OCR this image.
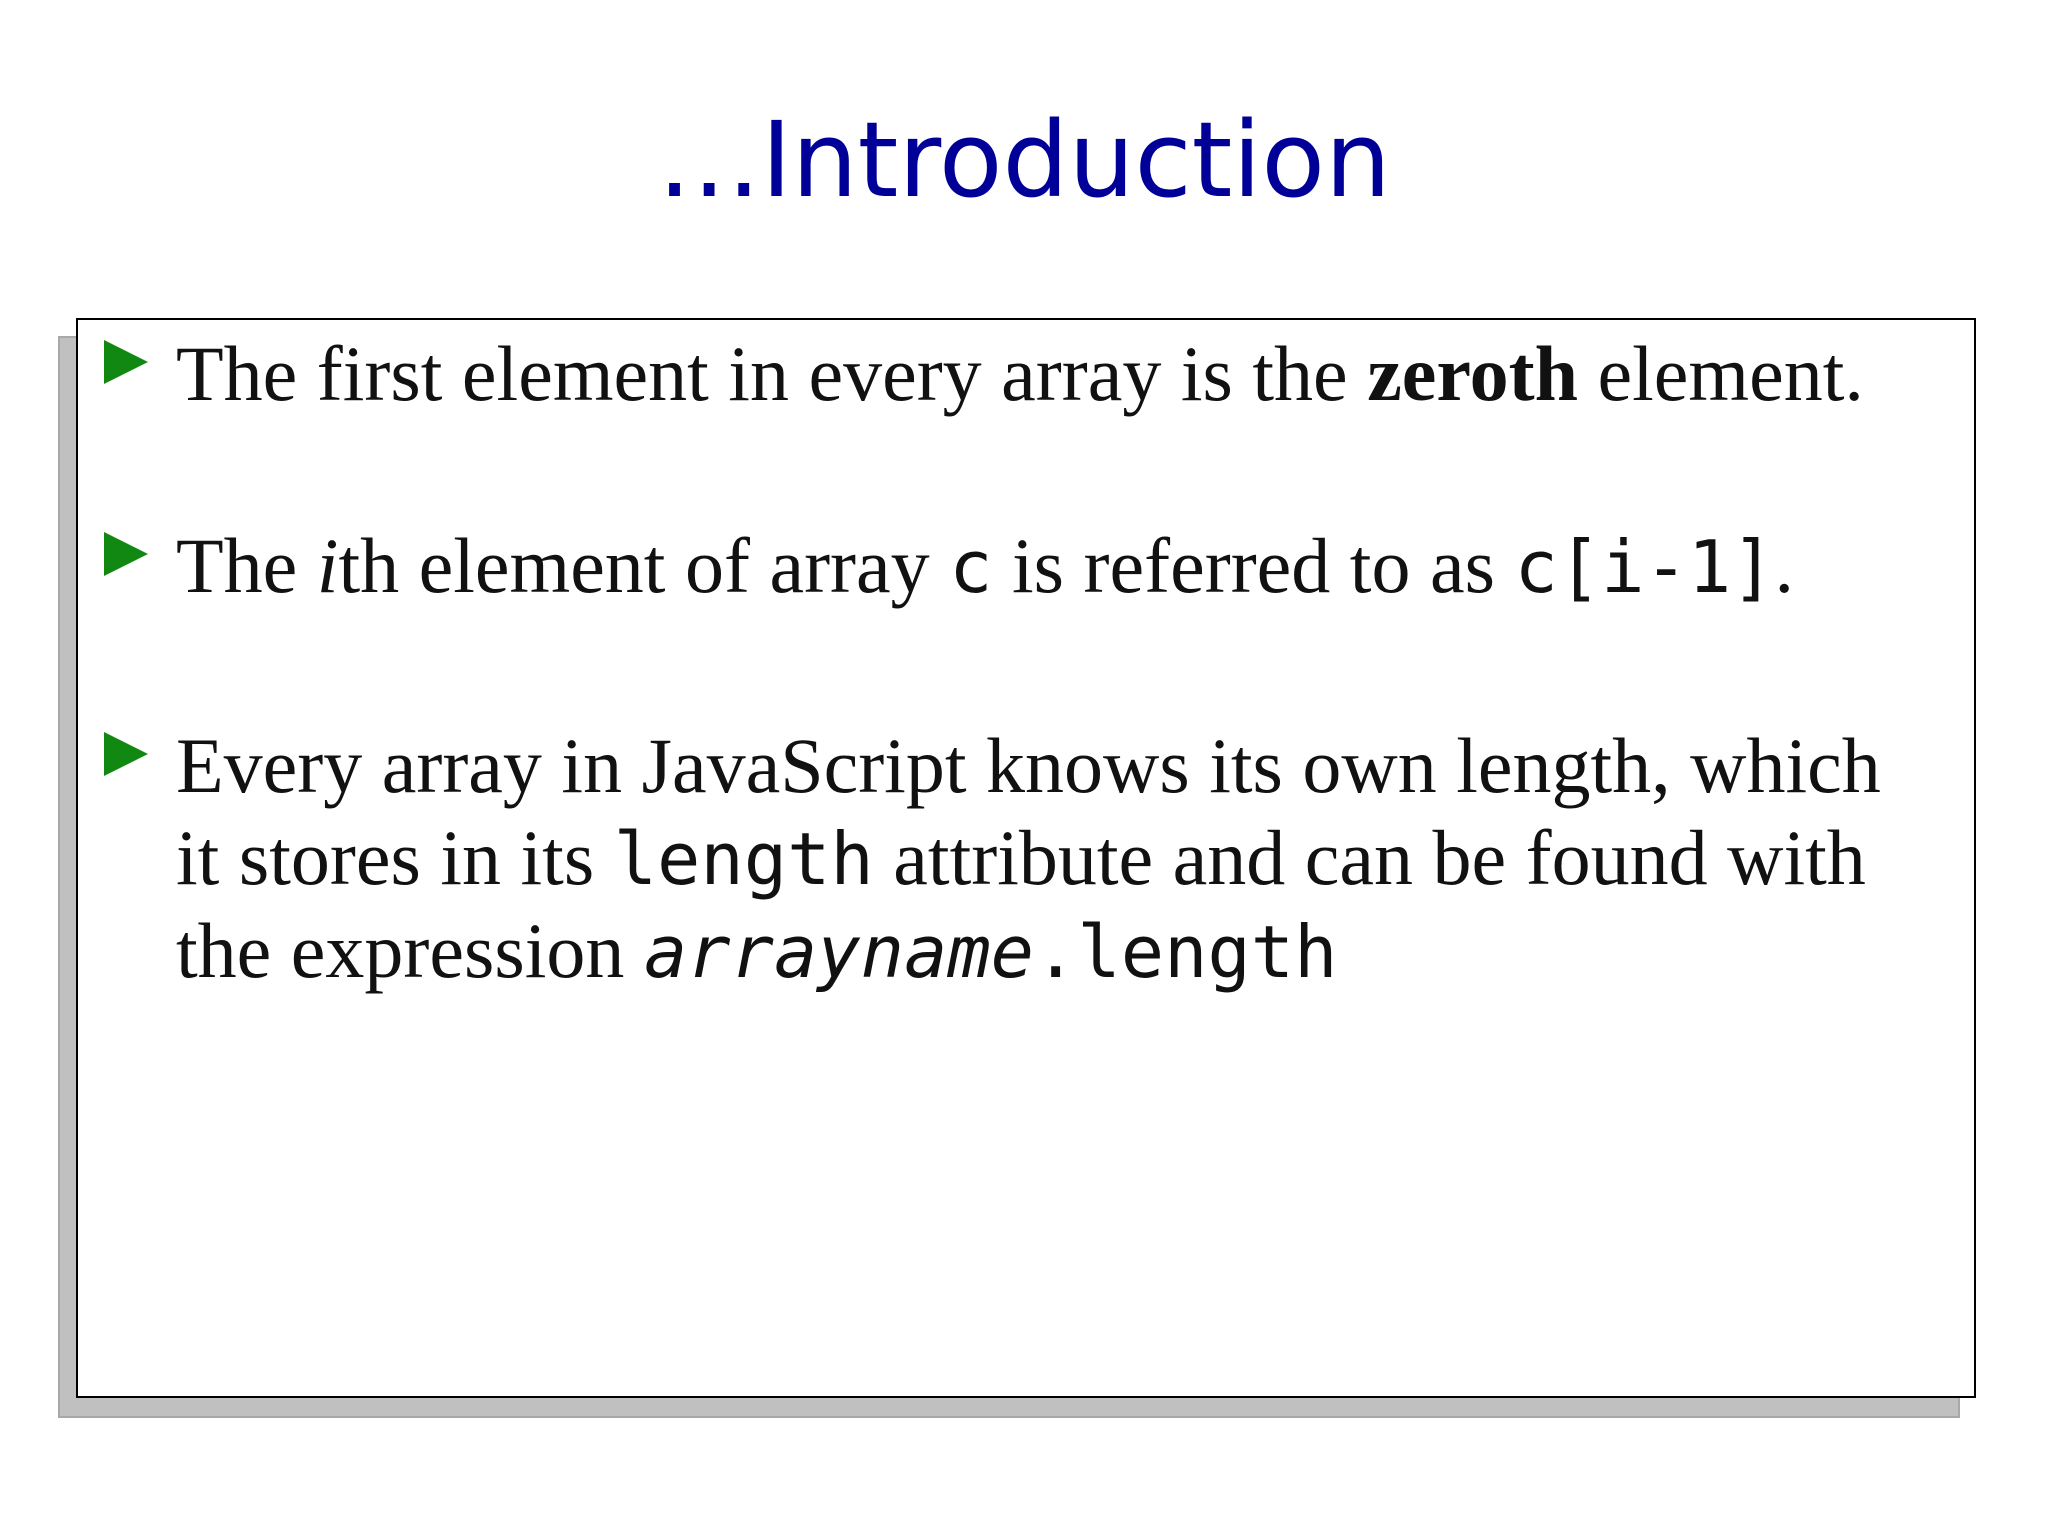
…Introduction
The first element in every array is the zeroth element.
The ith element of array c is referred to as c[i-1].
Every array in JavaScript knows its own length, which it stores in its length attribute and can be found with the expression arrayname.length
